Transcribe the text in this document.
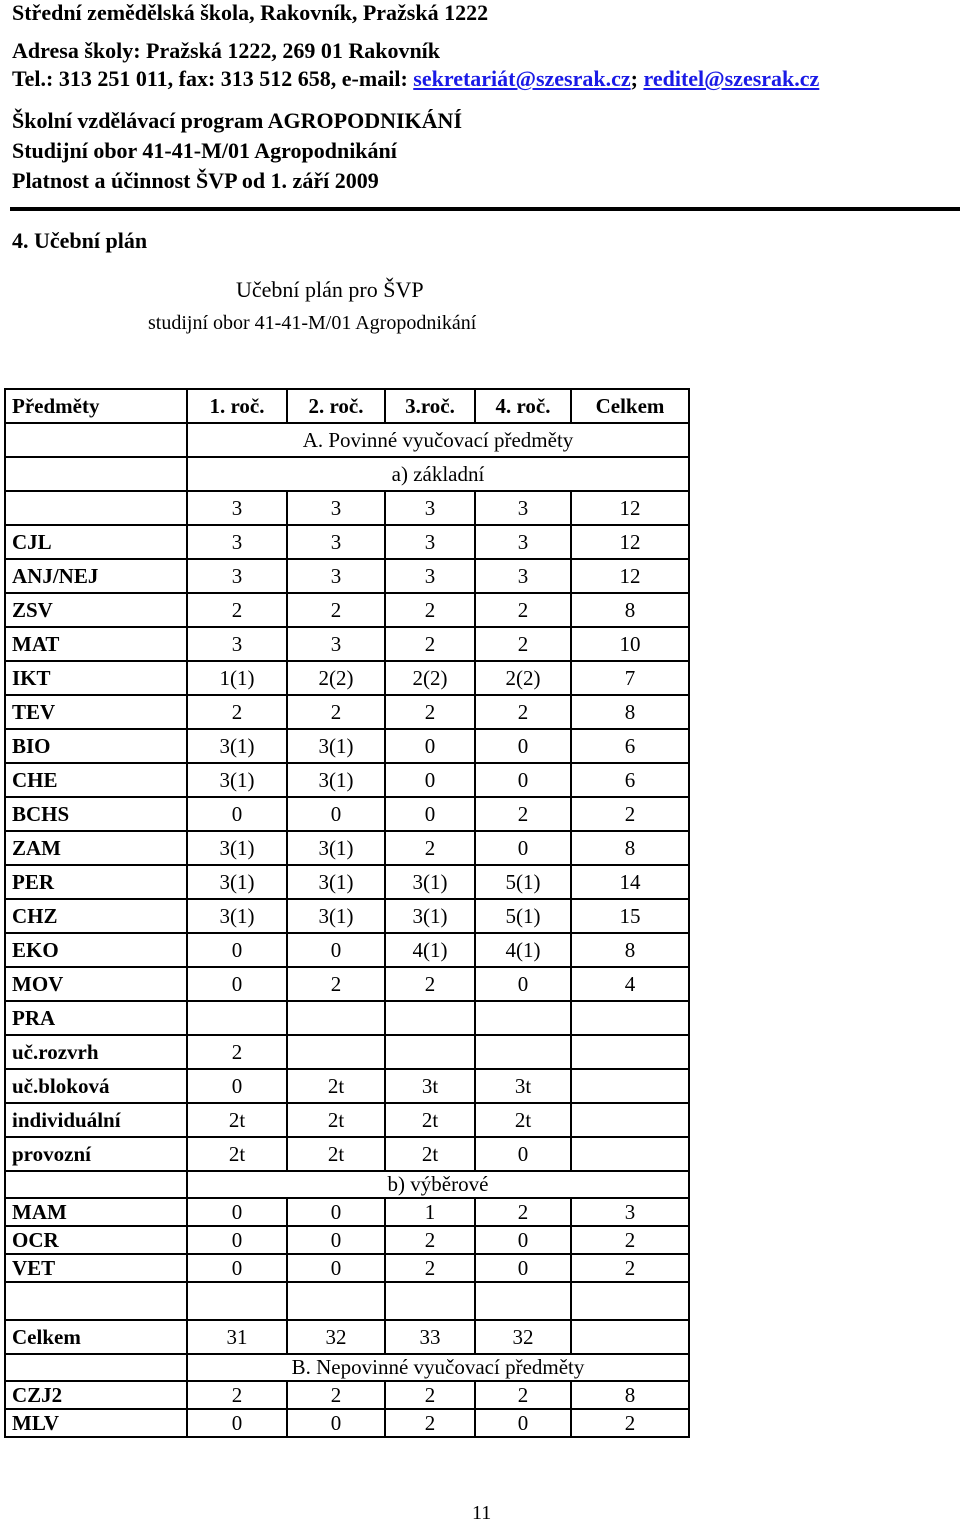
Střední zemědělská škola, Rakovník, Pražská 1222
Adresa školy: Pražská 1222, 269 01 Rakovník
Tel.: 313 251 011, fax: 313 512 658, e-mail: sekretariát@szesrak.cz; reditel@szesrak.cz
Školní vzdělávací program AGROPODNIKÁNÍ
Studijní obor 41-41-M/01 Agropodnikání
Platnost a účinnost ŠVP od 1. září 2009
4. Učební plán
Učební plán pro ŠVP
studijní obor 41-41-M/01 Agropodnikání
Předměty	1. roč.	2. roč.	3.roč.	4. roč.	Celkem
	A. Povinné vyučovací předměty				
	a) základní				
	3	3	3	3	12
CJL	3	3	3	3	12
ANJ/NEJ	3	3	3	3	12
ZSV	2	2	2	2	8
MAT	3	3	2	2	10
IKT	1(1)	2(2)	2(2)	2(2)	7
TEV	2	2	2	2	8
BIO	3(1)	3(1)	0	0	6
CHE	3(1)	3(1)	0	0	6
BCHS	0	0	0	2	2
ZAM	3(1)	3(1)	2	0	8
PER	3(1)	3(1)	3(1)	5(1)	14
CHZ	3(1)	3(1)	3(1)	5(1)	15
EKO	0	0	4(1)	4(1)	8
MOV	0	2	2	0	4
PRA					
uč.rozvrh	2				
uč.bloková	0	2t	3t	3t	
individuální	2t	2t	2t	2t	
provozní	2t	2t	2t	0	
	b) výběrové				
MAM	0	0	1	2	3
OCR	0	0	2	0	2
VET	0	0	2	0	2

Celkem	31	32	33	32	
	B. Nepovinné vyučovací předměty				
CZJ2	2	2	2	2	8
MLV	0	0	2	0	2
11
